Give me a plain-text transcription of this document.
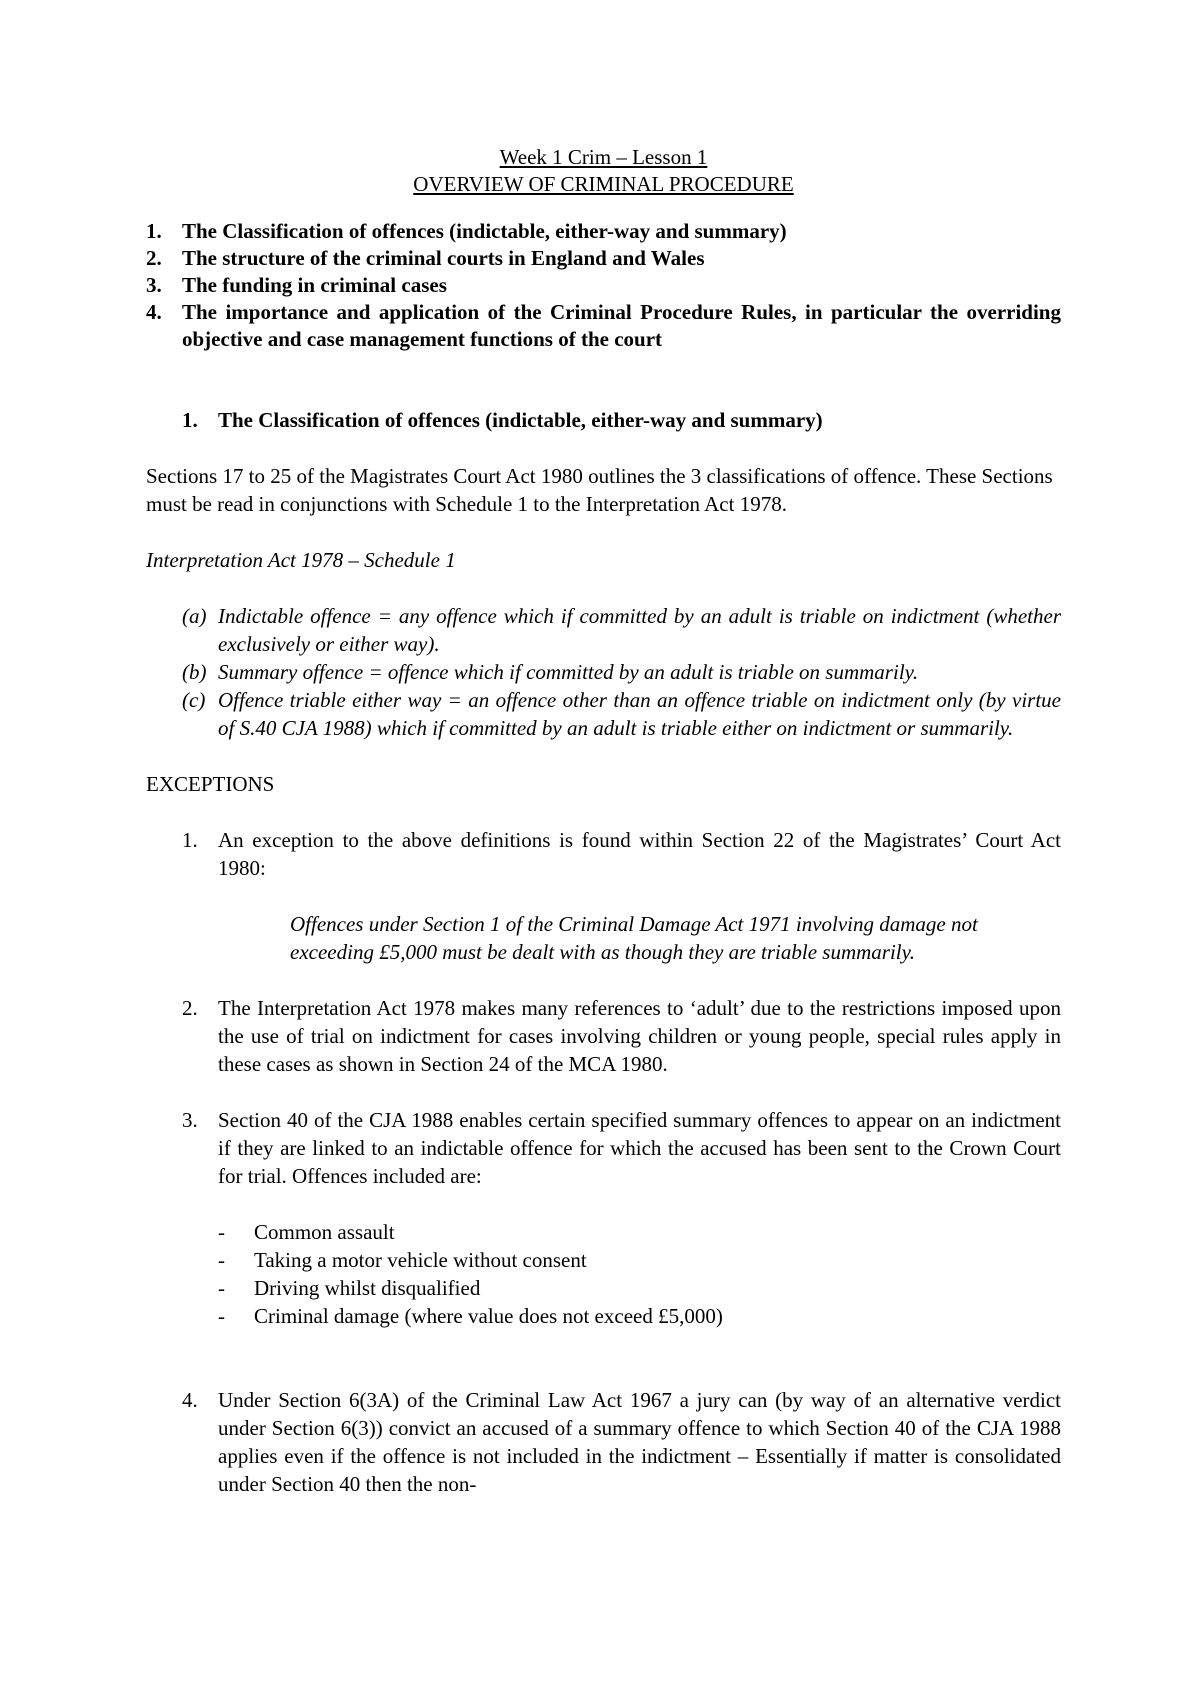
Week 1 Crim – Lesson 1
OVERVIEW OF CRIMINAL PROCEDURE
1. The Classification of offences (indictable, either-way and summary)
2. The structure of the criminal courts in England and Wales
3. The funding in criminal cases
4. The importance and application of the Criminal Procedure Rules, in particular the overriding objective and case management functions of the court
1. The Classification of offences (indictable, either-way and summary)

Sections 17 to 25 of the Magistrates Court Act 1980 outlines the 3 classifications of offence. These Sections must be read in conjunctions with Schedule 1 to the Interpretation Act 1978.

Interpretation Act 1978 – Schedule 1

(a) Indictable offence = any offence which if committed by an adult is triable on indictment (whether exclusively or either way).
(b) Summary offence = offence which if committed by an adult is triable on summarily.
(c) Offence triable either way = an offence other than an offence triable on indictment only (by virtue of S.40 CJA 1988) which if committed by an adult is triable either on indictment or summarily.

EXCEPTIONS

1. An exception to the above definitions is found within Section 22 of the Magistrates’ Court Act 1980:

Offences under Section 1 of the Criminal Damage Act 1971 involving damage not exceeding £5,000 must be dealt with as though they are triable summarily.

2. The Interpretation Act 1978 makes many references to ‘adult’ due to the restrictions imposed upon the use of trial on indictment for cases involving children or young people, special rules apply in these cases as shown in Section 24 of the MCA 1980.

3. Section 40 of the CJA 1988 enables certain specified summary offences to appear on an indictment if they are linked to an indictable offence for which the accused has been sent to the Crown Court for trial. Offences included are:

- Common assault
- Taking a motor vehicle without consent
- Driving whilst disqualified
- Criminal damage (where value does not exceed £5,000)
4. Under Section 6(3A) of the Criminal Law Act 1967 a jury can (by way of an alternative verdict under Section 6(3)) convict an accused of a summary offence to which Section 40 of the CJA 1988 applies even if the offence is not included in the indictment – Essentially if matter is consolidated under Section 40 then the non-
